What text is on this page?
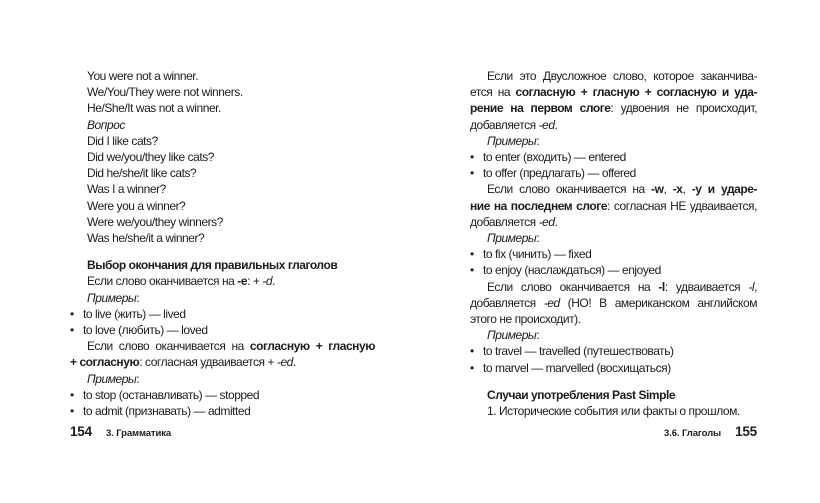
You were not a winner.
We/You/They were not winners.
He/She/It was not a winner.
Вопрос
Did I like cats?
Did we/you/they like cats?
Did he/she/it like cats?
Was I a winner?
Were you a winner?
Were we/you/they winners?
Was he/she/it a winner?
Выбор окончания для правильных глаголов
Если слово оканчивается на -е: + -d.
Примеры:
• to live (жить) — lived
• to love (любить) — loved
Если слово оканчивается на согласную + гласную
+ согласную: согласная удваивается + -ed.
Примеры:
• to stop (останавливать) — stopped
• to admit (признавать) — admitted
154 3. Грамматика
Если это Двусложное слово, которое заканчива-
ется на согласную + гласную + согласную и уда-
рение на первом слоге: удвоения не происходит,
добавляется -ed.
Примеры:
• to enter (входить) — entered
• to offer (предлагать) — offered
Если слово оканчивается на -w, -x, -y и ударе-
ние на последнем слоге: согласная НЕ удваивается,
добавляется -ed.
Примеры:
• to fix (чинить) — fixed
• to enjoy (наслаждаться) — enjoyed
Если слово оканчивается на -l: удваивается -l,
добавляется -ed (НО! В американском английском
этого не происходит).
Примеры:
• to travel — travelled (путешествовать)
• to marvel — marvelled (восхищаться)
Случаи употребления Past Simple
1. Исторические события или факты о прошлом.
3.6. Глаголы 155
